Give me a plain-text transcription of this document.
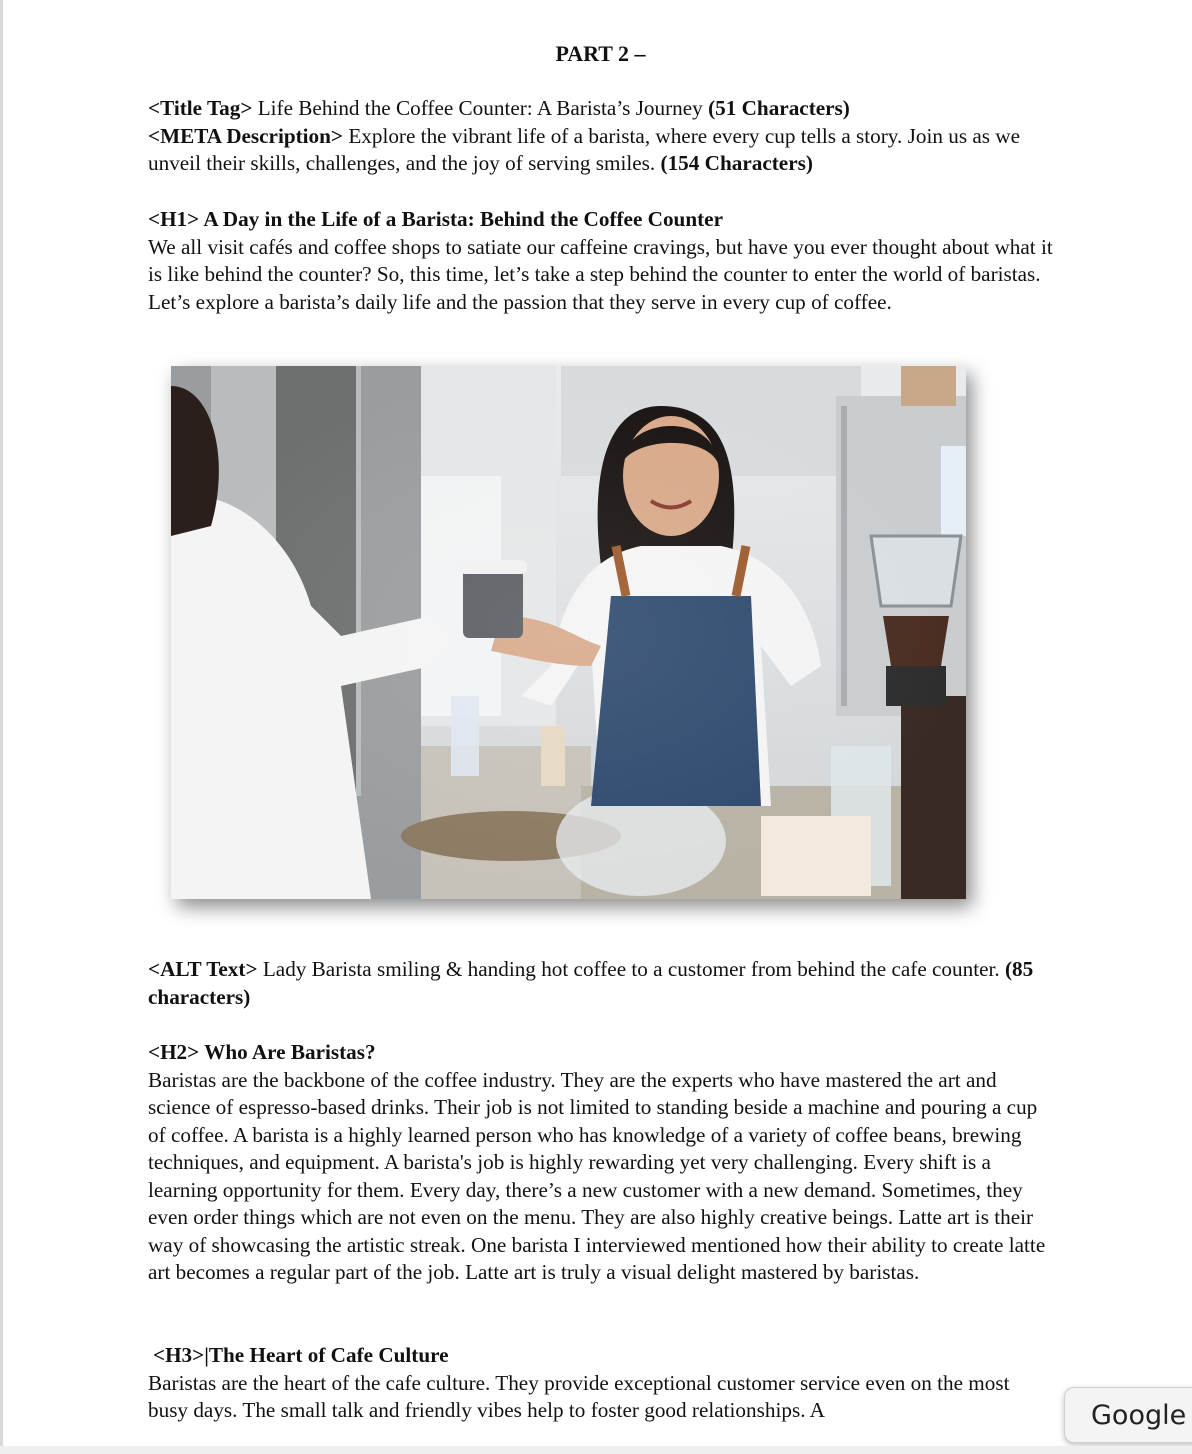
PART 2 –

<Title Tag> Life Behind the Coffee Counter: A Barista’s Journey (51 Characters)
<META Description> Explore the vibrant life of a barista, where every cup tells a story. Join us as we unveil their skills, challenges, and the joy of serving smiles. (154 Characters)

<H1> A Day in the Life of a Barista: Behind the Coffee Counter
We all visit cafés and coffee shops to satiate our caffeine cravings, but have you ever thought about what it is like behind the counter? So, this time, let’s take a step behind the counter to enter the world of baristas. Let’s explore a barista’s daily life and the passion that they serve in every cup of coffee.

<ALT Text> Lady Barista smiling & handing hot coffee to a customer from behind the cafe counter. (85 characters)

<H2> Who Are Baristas?
Baristas are the backbone of the coffee industry. They are the experts who have mastered the art and science of espresso-based drinks. Their job is not limited to standing beside a machine and pouring a cup of coffee. A barista is a highly learned person who has knowledge of a variety of coffee beans, brewing techniques, and equipment. A barista's job is highly rewarding yet very challenging. Every shift is a learning opportunity for them. Every day, there’s a new customer with a new demand. Sometimes, they even order things which are not even on the menu. They are also highly creative beings. Latte art is their way of showcasing the artistic streak. One barista I interviewed mentioned how their ability to create latte art becomes a regular part of the job. Latte art is truly a visual delight mastered by baristas.

<H3>|The Heart of Cafe Culture
Baristas are the heart of the cafe culture. They provide exceptional customer service even on the most busy days. The small talk and friendly vibes help to foster good relationships. A	Google
